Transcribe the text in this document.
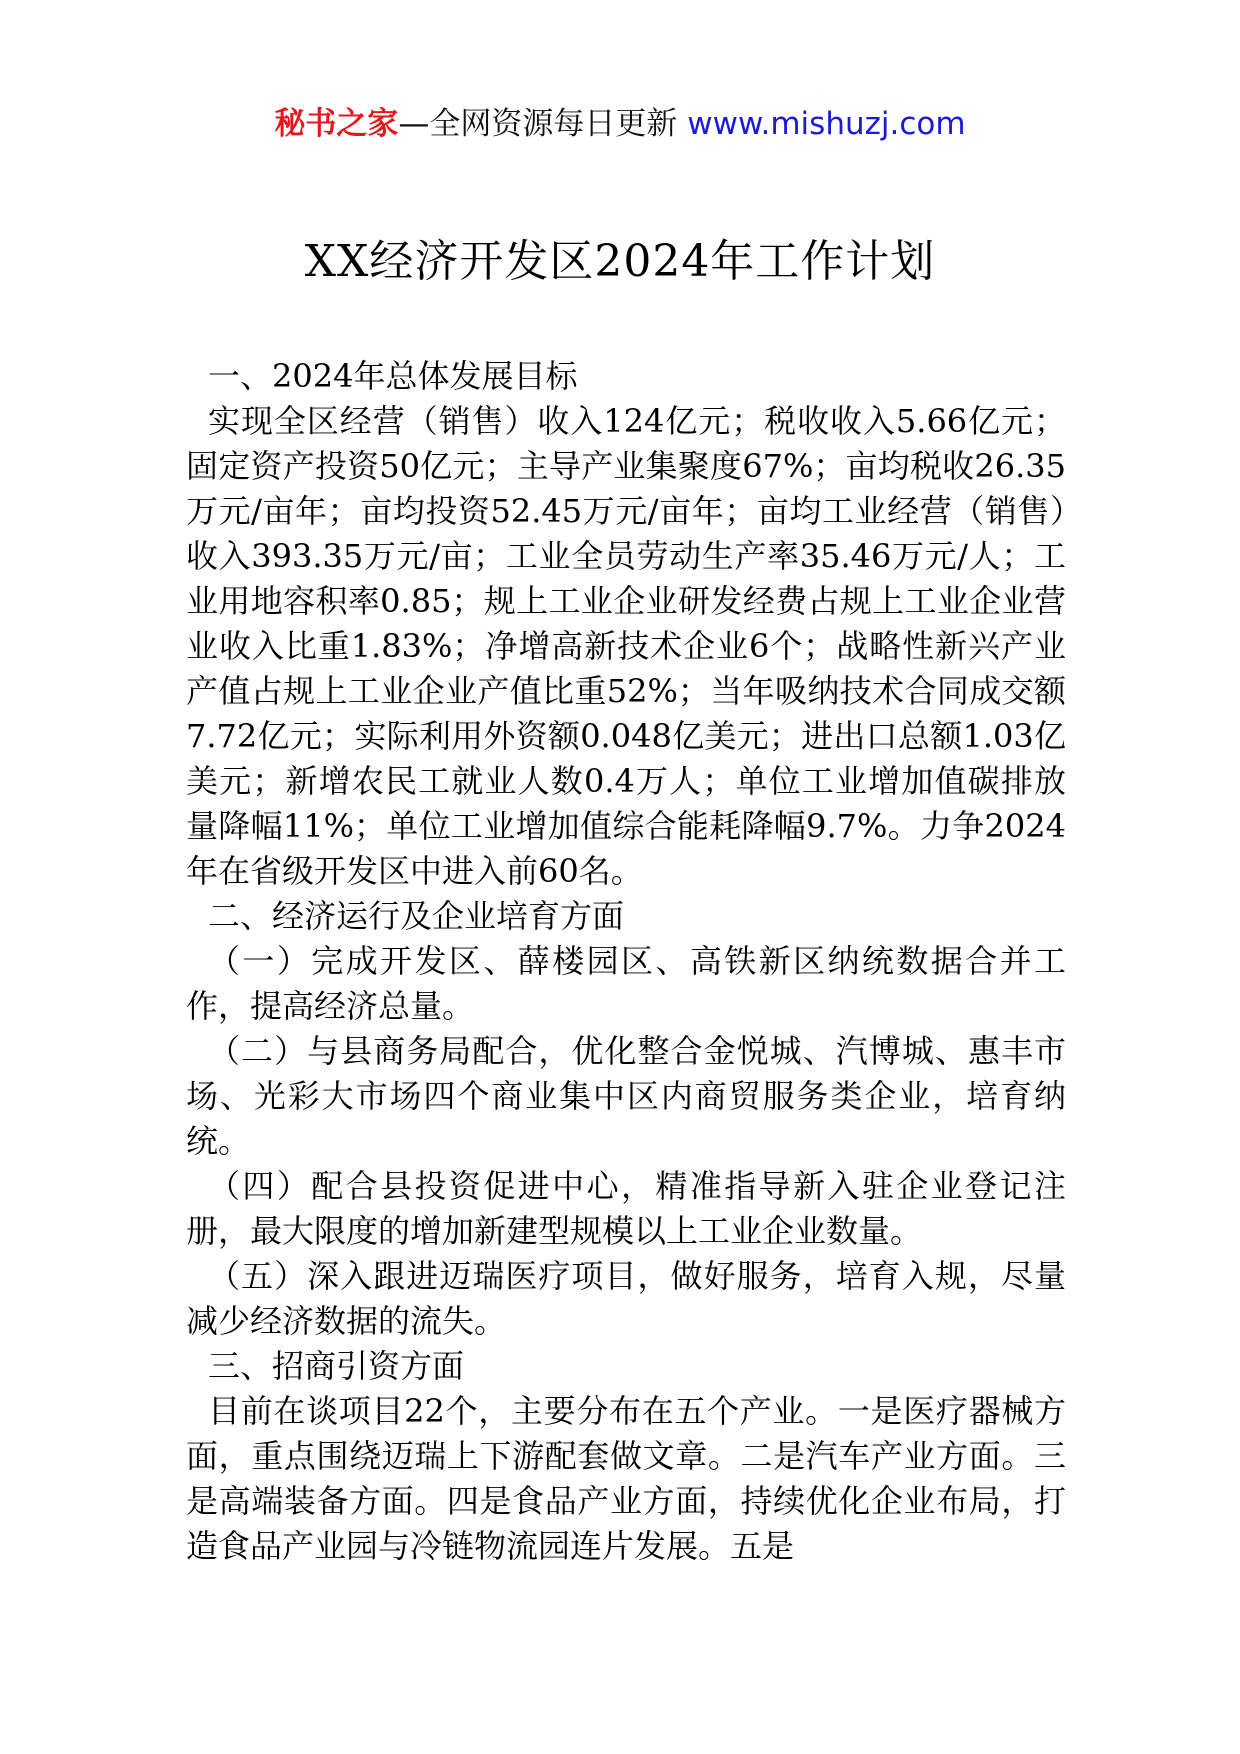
秘书之家—全网资源每日更新 www.mishuzj.com
XX经济开发区2024年工作计划

一、2024年总体发展目标

实现全区经营（销售）收入124亿元；税收收入5.66亿元；固定资产投资50亿元；主导产业集聚度67%；亩均税收26.35万元/亩年；亩均投资52.45万元/亩年；亩均工业经营（销售）收入393.35万元/亩；工业全员劳动生产率35.46万元/人；工业用地容积率0.85；规上工业企业研发经费占规上工业企业营业收入比重1.83%；净增高新技术企业6个；战略性新兴产业产值占规上工业企业产值比重52%；当年吸纳技术合同成交额7.72亿元；实际利用外资额0.048亿美元；进出口总额1.03亿美元；新增农民工就业人数0.4万人；单位工业增加值碳排放量降幅11%；单位工业增加值综合能耗降幅9.7%。力争2024年在省级开发区中进入前60名。

二、经济运行及企业培育方面

（一）完成开发区、薛楼园区、高铁新区纳统数据合并工作，提高经济总量。

（二）与县商务局配合，优化整合金悦城、汽博城、惠丰市场、光彩大市场四个商业集中区内商贸服务类企业，培育纳统。

（四）配合县投资促进中心，精准指导新入驻企业登记注册，最大限度的增加新建型规模以上工业企业数量。

（五）深入跟进迈瑞医疗项目，做好服务，培育入规，尽量减少经济数据的流失。

三、招商引资方面

目前在谈项目22个，主要分布在五个产业。一是医疗器械方面，重点围绕迈瑞上下游配套做文章。二是汽车产业方面。三是高端装备方面。四是食品产业方面，持续优化企业布局，打造食品产业园与冷链物流园连片发展。五是
